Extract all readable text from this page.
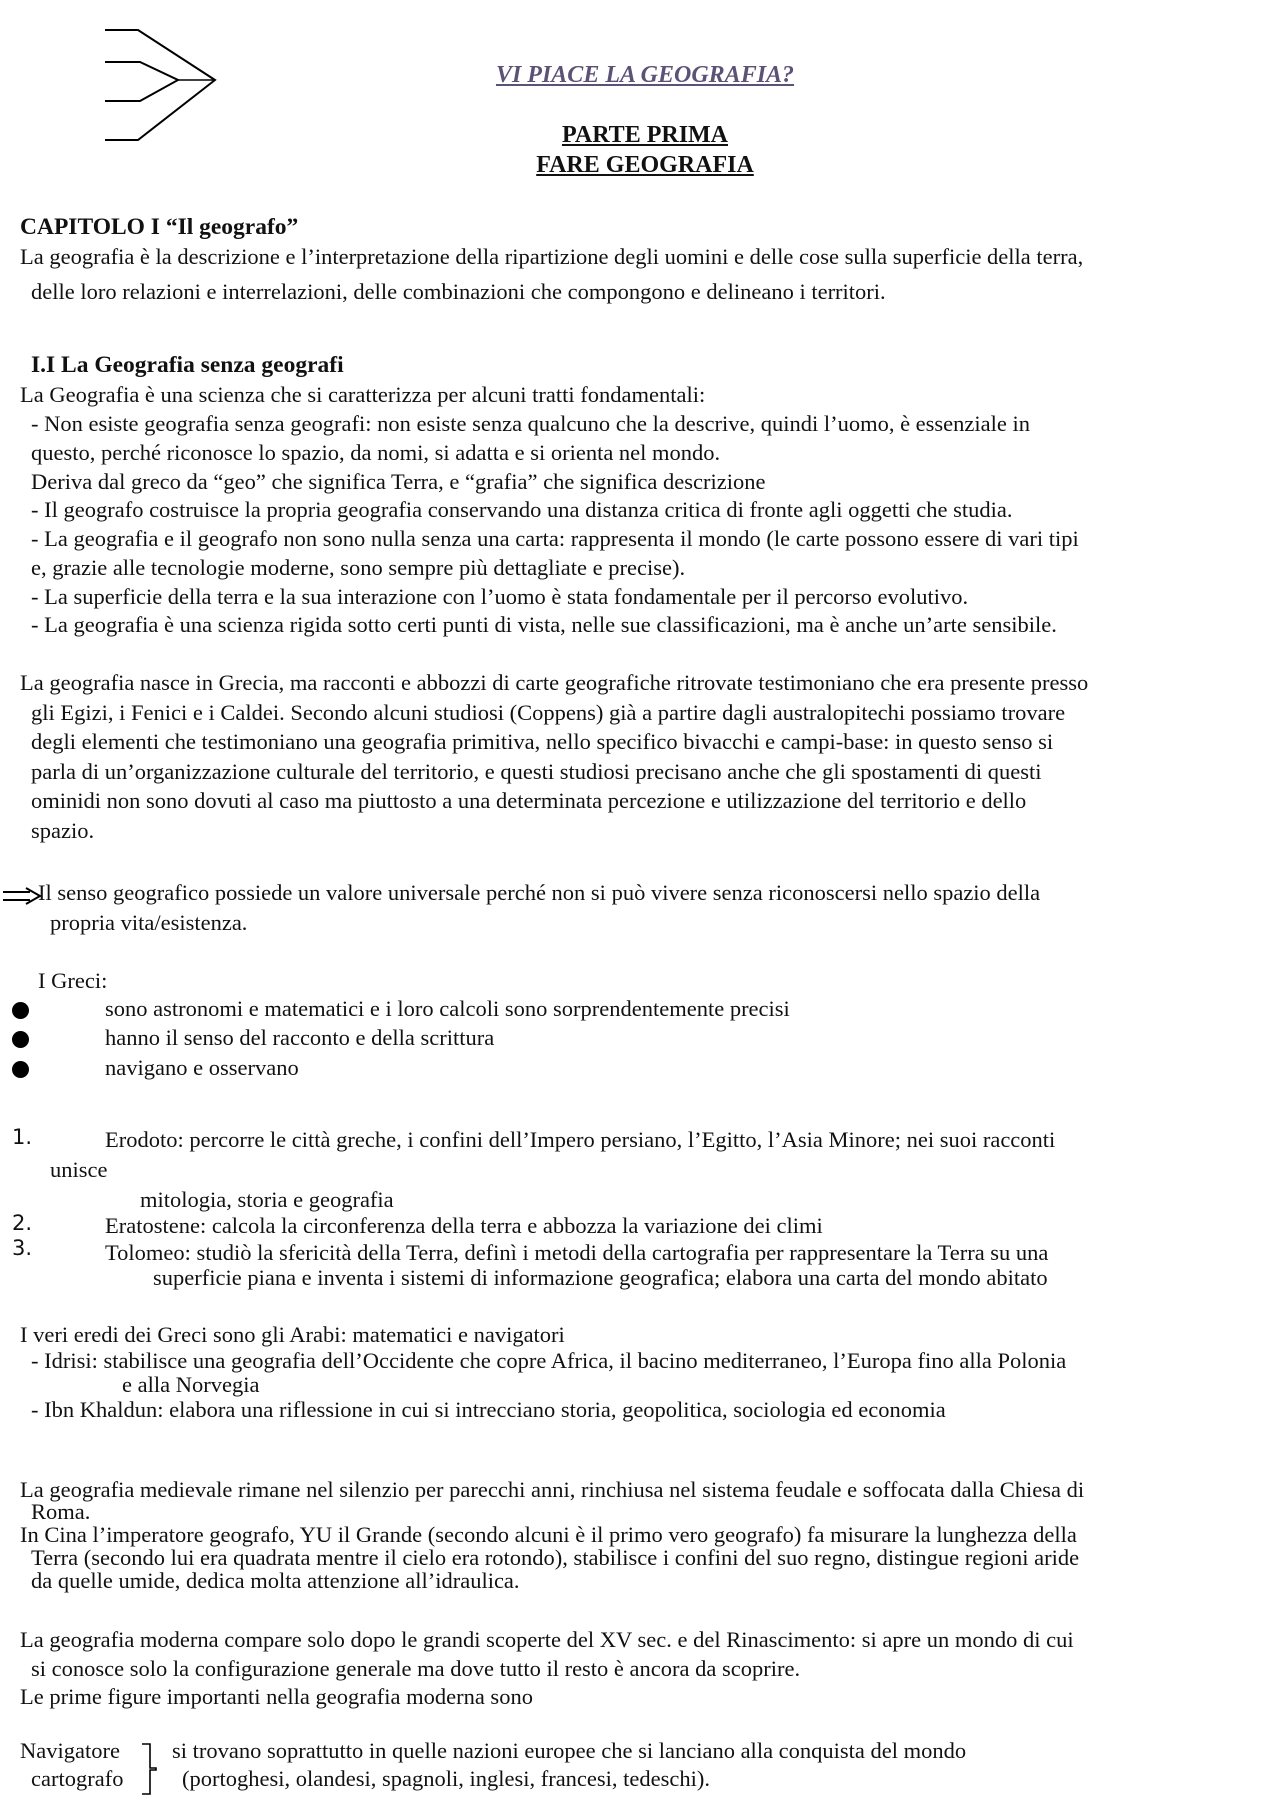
VI PIACE LA GEOGRAFIA?
PARTE PRIMA
FARE GEOGRAFIA
CAPITOLO I “Il geografo”
La geografia è la descrizione e l’interpretazione della ripartizione degli uomini e delle cose sulla superficie della terra,
delle loro relazioni e interrelazioni, delle combinazioni che compongono e delineano i territori.
I.I La Geografia senza geografi
La Geografia è una scienza che si caratterizza per alcuni tratti fondamentali:
- Non esiste geografia senza geografi: non esiste senza qualcuno che la descrive, quindi l’uomo, è essenziale in
questo, perché riconosce lo spazio, da nomi, si adatta e si orienta nel mondo.
Deriva dal greco da “geo” che significa Terra, e “grafia” che significa descrizione
- Il geografo costruisce la propria geografia conservando una distanza critica di fronte agli oggetti che studia.
- La geografia e il geografo non sono nulla senza una carta: rappresenta il mondo (le carte possono essere di vari tipi
e, grazie alle tecnologie moderne, sono sempre più dettagliate e precise).
- La superficie della terra e la sua interazione con l’uomo è stata fondamentale per il percorso evolutivo.
- La geografia è una scienza rigida sotto certi punti di vista, nelle sue classificazioni, ma è anche un’arte sensibile.
La geografia nasce in Grecia, ma racconti e abbozzi di carte geografiche ritrovate testimoniano che era presente presso
gli Egizi, i Fenici e i Caldei. Secondo alcuni studiosi (Coppens) già a partire dagli australopitechi possiamo trovare
degli elementi che testimoniano una geografia primitiva, nello specifico bivacchi e campi-base: in questo senso si
parla di un’organizzazione culturale del territorio, e questi studiosi precisano anche che gli spostamenti di questi
ominidi non sono dovuti al caso ma piuttosto a una determinata percezione e utilizzazione del territorio e dello
spazio.
Il senso geografico possiede un valore universale perché non si può vivere senza riconoscersi nello spazio della
propria vita/esistenza.
I Greci:
sono astronomi e matematici e i loro calcoli sono sorprendentemente precisi
hanno il senso del racconto e della scrittura
navigano e osservano
1.	Erodoto: percorre le città greche, i confini dell’Impero persiano, l’Egitto, l’Asia Minore; nei suoi racconti
unisce
mitologia, storia e geografia
2.	Eratostene: calcola la circonferenza della terra e abbozza la variazione dei climi
3.	Tolomeo: studiò la sfericità della Terra, definì i metodi della cartografia per rappresentare la Terra su una
superficie piana e inventa i sistemi di informazione geografica; elabora una carta del mondo abitato
I veri eredi dei Greci sono gli Arabi: matematici e navigatori
- Idrisi: stabilisce una geografia dell’Occidente che copre Africa, il bacino mediterraneo, l’Europa fino alla Polonia
e alla Norvegia
- Ibn Khaldun: elabora una riflessione in cui si intrecciano storia, geopolitica, sociologia ed economia
La geografia medievale rimane nel silenzio per parecchi anni, rinchiusa nel sistema feudale e soffocata dalla Chiesa di
Roma.
In Cina l’imperatore geografo, YU il Grande (secondo alcuni è il primo vero geografo) fa misurare la lunghezza della
Terra (secondo lui era quadrata mentre il cielo era rotondo), stabilisce i confini del suo regno, distingue regioni aride
da quelle umide, dedica molta attenzione all’idraulica.
La geografia moderna compare solo dopo le grandi scoperte del XV sec. e del Rinascimento: si apre un mondo di cui
si conosce solo la configurazione generale ma dove tutto il resto è ancora da scoprire.
Le prime figure importanti nella geografia moderna sono
Navigatore
cartografo
si trovano soprattutto in quelle nazioni europee che si lanciano alla conquista del mondo
(portoghesi, olandesi, spagnoli, inglesi, francesi, tedeschi).
